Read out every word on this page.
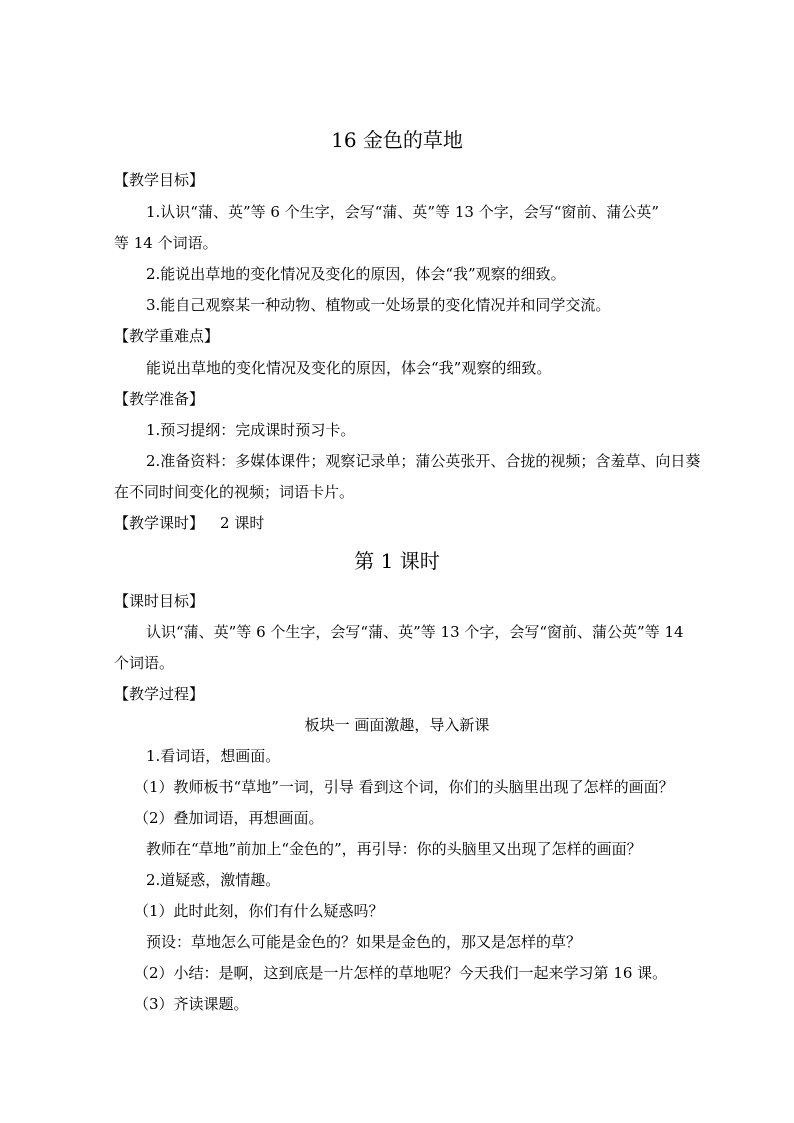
16 金色的草地
【教学目标】
1.认识“蒲、英”等 6 个生字，会写“蒲、英”等 13 个字，会写“窗前、蒲公英”
等 14 个词语。
2.能说出草地的变化情况及变化的原因，体会“我”观察的细致。
3.能自己观察某一种动物、植物或一处场景的变化情况并和同学交流。
【教学重难点】
能说出草地的变化情况及变化的原因，体会“我”观察的细致。
【教学准备】
1.预习提纲：完成课时预习卡。
2.准备资料：多媒体课件；观察记录单；蒲公英张开、合拢的视频；含羞草、向日葵
在不同时间变化的视频；词语卡片。
【教学课时】 2 课时
第 1 课时
【课时目标】
认识“蒲、英”等 6 个生字，会写“蒲、英”等 13 个字，会写“窗前、蒲公英”等 14
个词语。
【教学过程】
板块一 画面激趣，导入新课
1.看词语，想画面。
（1）教师板书“草地”一词，引导 看到这个词，你们的头脑里出现了怎样的画面？
（2）叠加词语，再想画面。
教师在“草地”前加上“金色的”，再引导：你的头脑里又出现了怎样的画面？
2.道疑惑，激情趣。
（1）此时此刻，你们有什么疑惑吗？
预设：草地怎么可能是金色的？如果是金色的，那又是怎样的草？
（2）小结：是啊，这到底是一片怎样的草地呢？今天我们一起来学习第 16 课。
（3）齐读课题。
